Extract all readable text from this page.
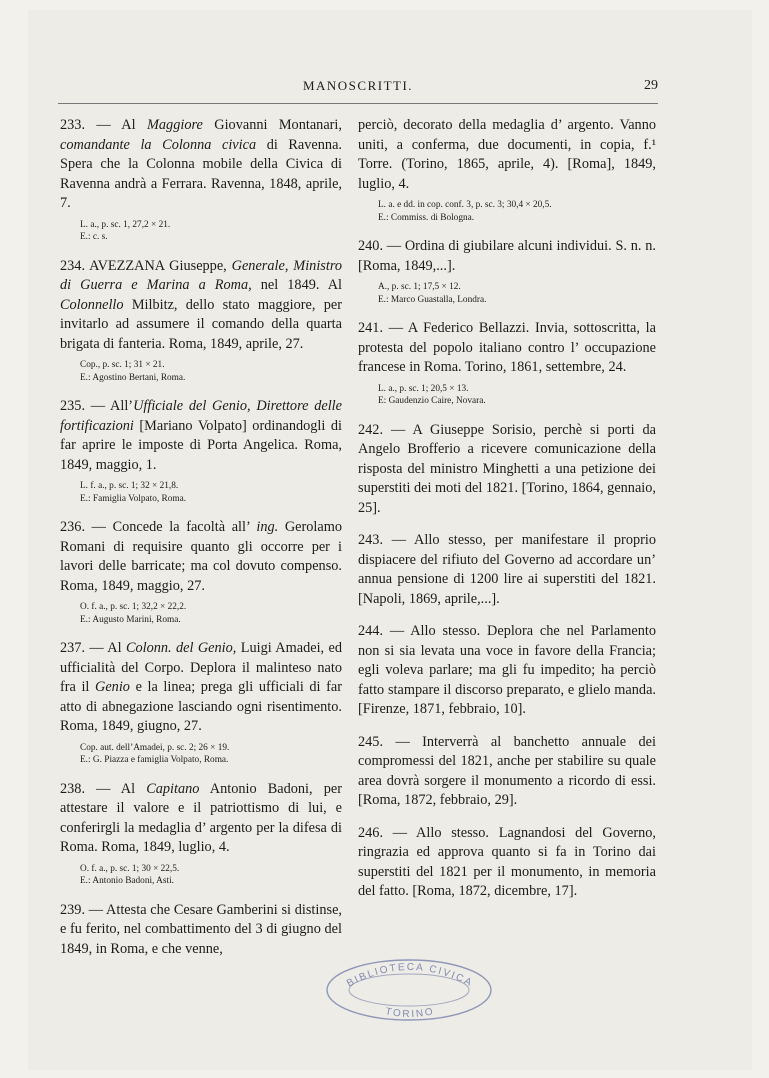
MANOSCRITTI.	29

233. — Al Maggiore Giovanni Montanari, comandante la Colonna civica di Ravenna. Spera che la Colonna mobile della Civica di Ravenna andrà a Ferrara. Ravenna, 1848, aprile, 7.

L. a., p. sc. 1, 27,2 × 21.
E.: c. s.

234. AVEZZANA Giuseppe, Generale, Ministro di Guerra e Marina a Roma, nel 1849. Al Colonnello Milbitz, dello stato maggiore, per invitarlo ad assumere il comando della quarta brigata di fanteria. Roma, 1849, aprile, 27.

Cop., p. sc. 1; 31 × 21.
E.: Agostino Bertani, Roma.

235. — All’Ufficiale del Genio, Direttore delle fortificazioni [Mariano Volpato] ordinandogli di far aprire le imposte di Porta Angelica. Roma, 1849, maggio, 1.

L. f. a., p. sc. 1; 32 × 21,8.
E.: Famiglia Volpato, Roma.

236. — Concede la facoltà all’ ing. Gerolamo Romani di requisire quanto gli occorre per i lavori delle barricate; ma col dovuto compenso. Roma, 1849, maggio, 27.

O. f. a., p. sc. 1; 32,2 × 22,2.
E.: Augusto Marini, Roma.

237. — Al Colonn. del Genio, Luigi Amadei, ed ufficialità del Corpo. Deplora il malinteso nato fra il Genio e la linea; prega gli ufficiali di far atto di abnegazione lasciando ogni risentimento. Roma, 1849, giugno, 27.

Cop. aut. dell’Amadei, p. sc. 2; 26 × 19.
E.: G. Piazza e famiglia Volpato, Roma.

238. — Al Capitano Antonio Badoni, per attestare il valore e il patriottismo di lui, e conferirgli la medaglia d’ argento per la difesa di Roma. Roma, 1849, luglio, 4.

O. f. a., p. sc. 1; 30 × 22,5.
E.: Antonio Badoni, Asti.

239. — Attesta che Cesare Gamberini si distinse, e fu ferito, nel combattimento del 3 di giugno del 1849, in Roma, e che venne,

perciò, decorato della medaglia d’ argento. Vanno uniti, a conferma, due documenti, in copia, f.¹ Torre. (Torino, 1865, aprile, 4). [Roma], 1849, luglio, 4.

L. a. e dd. in cop. conf. 3, p. sc. 3; 30,4 × 20,5.
E.: Commiss. di Bologna.

240. — Ordina di giubilare alcuni individui. S. n. n. [Roma, 1849,...].

A., p. sc. 1; 17,5 × 12.
E.: Marco Guastalla, Londra.

241. — A Federico Bellazzi. Invia, sottoscritta, la protesta del popolo italiano contro l’ occupazione francese in Roma. Torino, 1861, settembre, 24.

L. a., p. sc. 1; 20,5 × 13.
E: Gaudenzio Caire, Novara.

242. — A Giuseppe Sorisio, perchè si porti da Angelo Brofferio a ricevere comunicazione della risposta del ministro Minghetti a una petizione dei superstiti dei moti del 1821. [Torino, 1864, gennaio, 25].

243. — Allo stesso, per manifestare il proprio dispiacere del rifiuto del Governo ad accordare un’ annua pensione di 1200 lire ai superstiti del 1821. [Napoli, 1869, aprile,...].

244. — Allo stesso. Deplora che nel Parlamento non si sia levata una voce in favore della Francia; egli voleva parlare; ma gli fu impedito; ha perciò fatto stampare il discorso preparato, e glielo manda. [Firenze, 1871, febbraio, 10].

245. — Interverrà al banchetto annuale dei compromessi del 1821, anche per stabilire su quale area dovrà sorgere il monumento a ricordo di essi. [Roma, 1872, febbraio, 29].

246. — Allo stesso. Lagnandosi del Governo, ringrazia ed approva quanto si fa in Torino dai superstiti del 1821 per il monumento, in memoria del fatto. [Roma, 1872, dicembre, 17].

BIBLIOTECA CIVICA
TORINO
